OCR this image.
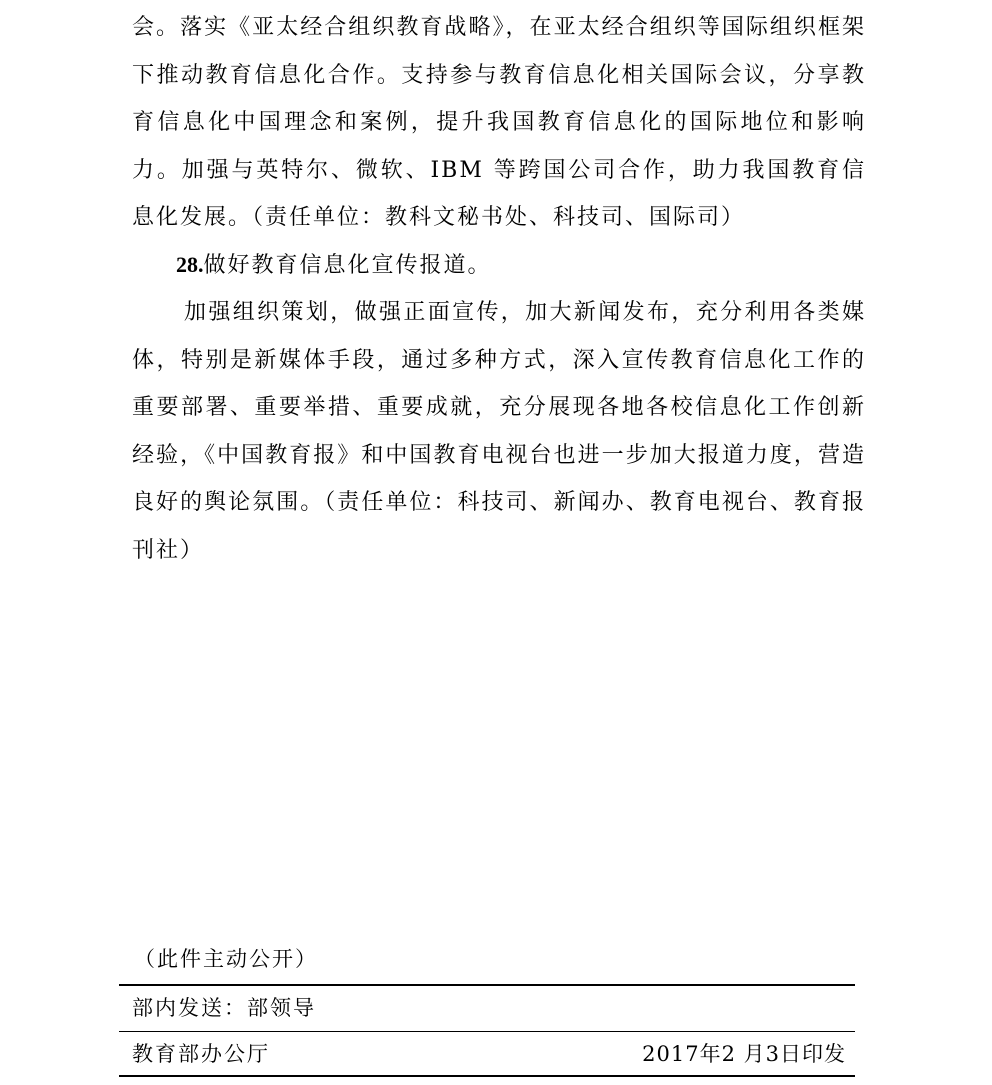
会。落实《亚太经合组织教育战略》，在亚太经合组织等国际组织框架下推动教育信息化合作。支持参与教育信息化相关国际会议，分享教育信息化中国理念和案例，提升我国教育信息化的国际地位和影响力。加强与英特尔、微软、IBM 等跨国公司合作，助力我国教育信息化发展。（责任单位：教科文秘书处、科技司、国际司）

28.做好教育信息化宣传报道。

加强组织策划，做强正面宣传，加大新闻发布，充分利用各类媒体，特别是新媒体手段，通过多种方式，深入宣传教育信息化工作的重要部署、重要举措、重要成就，充分展现各地各校信息化工作创新经验，《中国教育报》和中国教育电视台也进一步加大报道力度，营造良好的舆论氛围。（责任单位：科技司、新闻办、教育电视台、教育报刊社）

（此件主动公开）

部内发送：部领导

教育部办公厅	2017年2 月3日印发
